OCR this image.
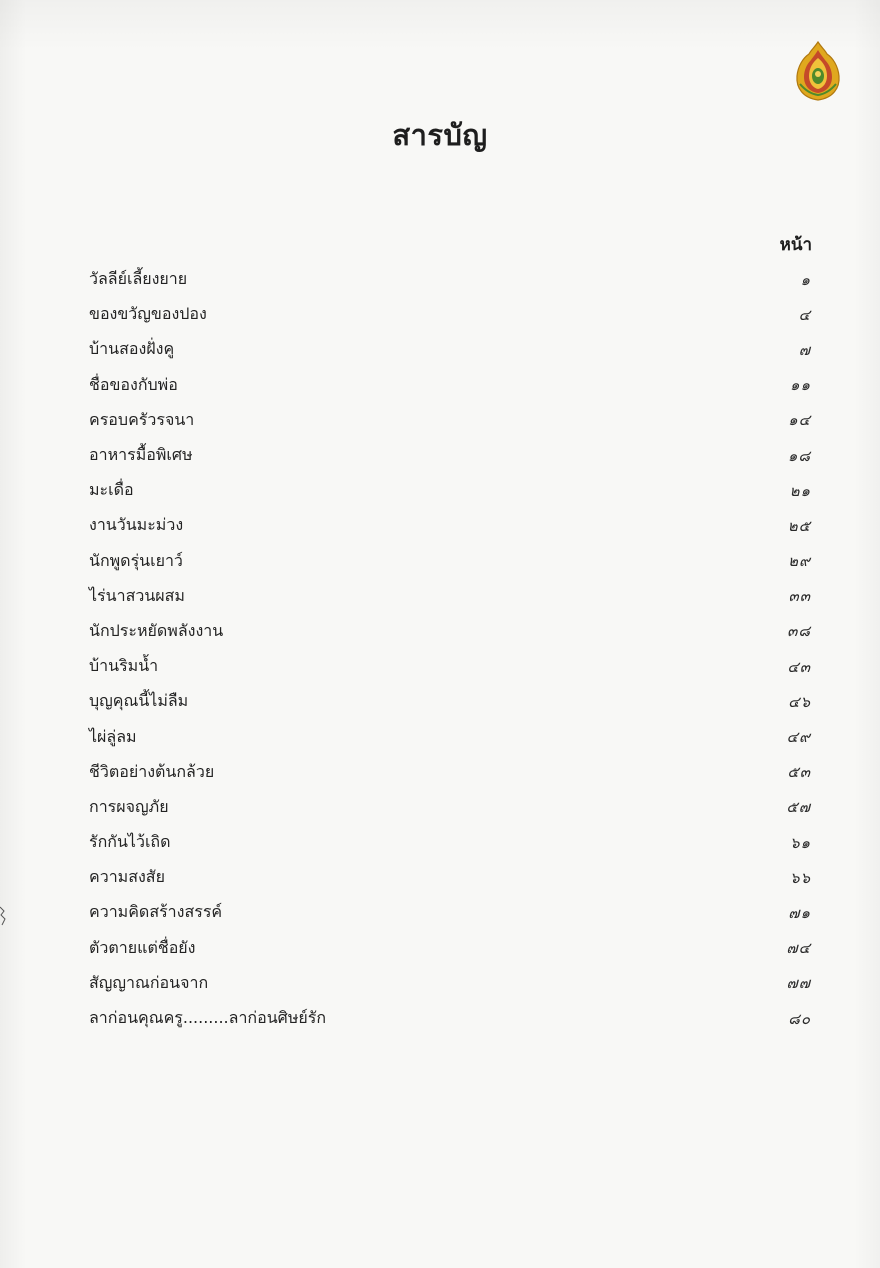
สารบัญ
หน้า
วัลลีย์เลี้ยงยาย	๑
ของขวัญของปอง	๔
บ้านสองฝั่งคู	๗
ชื่อของกับพ่อ	๑๑
ครอบครัวรจนา	๑๔
อาหารมื้อพิเศษ	๑๘
มะเดื่อ	๒๑
งานวันมะม่วง	๒๕
นักพูดรุ่นเยาว์	๒๙
ไร่นาสวนผสม	๓๓
นักประหยัดพลังงาน	๓๘
บ้านริมน้ำ	๔๓
บุญคุณนี้ไม่ลืม	๔๖
ไผ่ลู่ลม	๔๙
ชีวิตอย่างต้นกล้วย	๕๓
การผจญภัย	๕๗
รักกันไว้เถิด	๖๑
ความสงสัย	๖๖
ความคิดสร้างสรรค์	๗๑
ตัวตายแต่ชื่อยัง	๗๔
สัญญาณก่อนจาก	๗๗
ลาก่อนคุณครู.........ลาก่อนศิษย์รัก	๘๐
